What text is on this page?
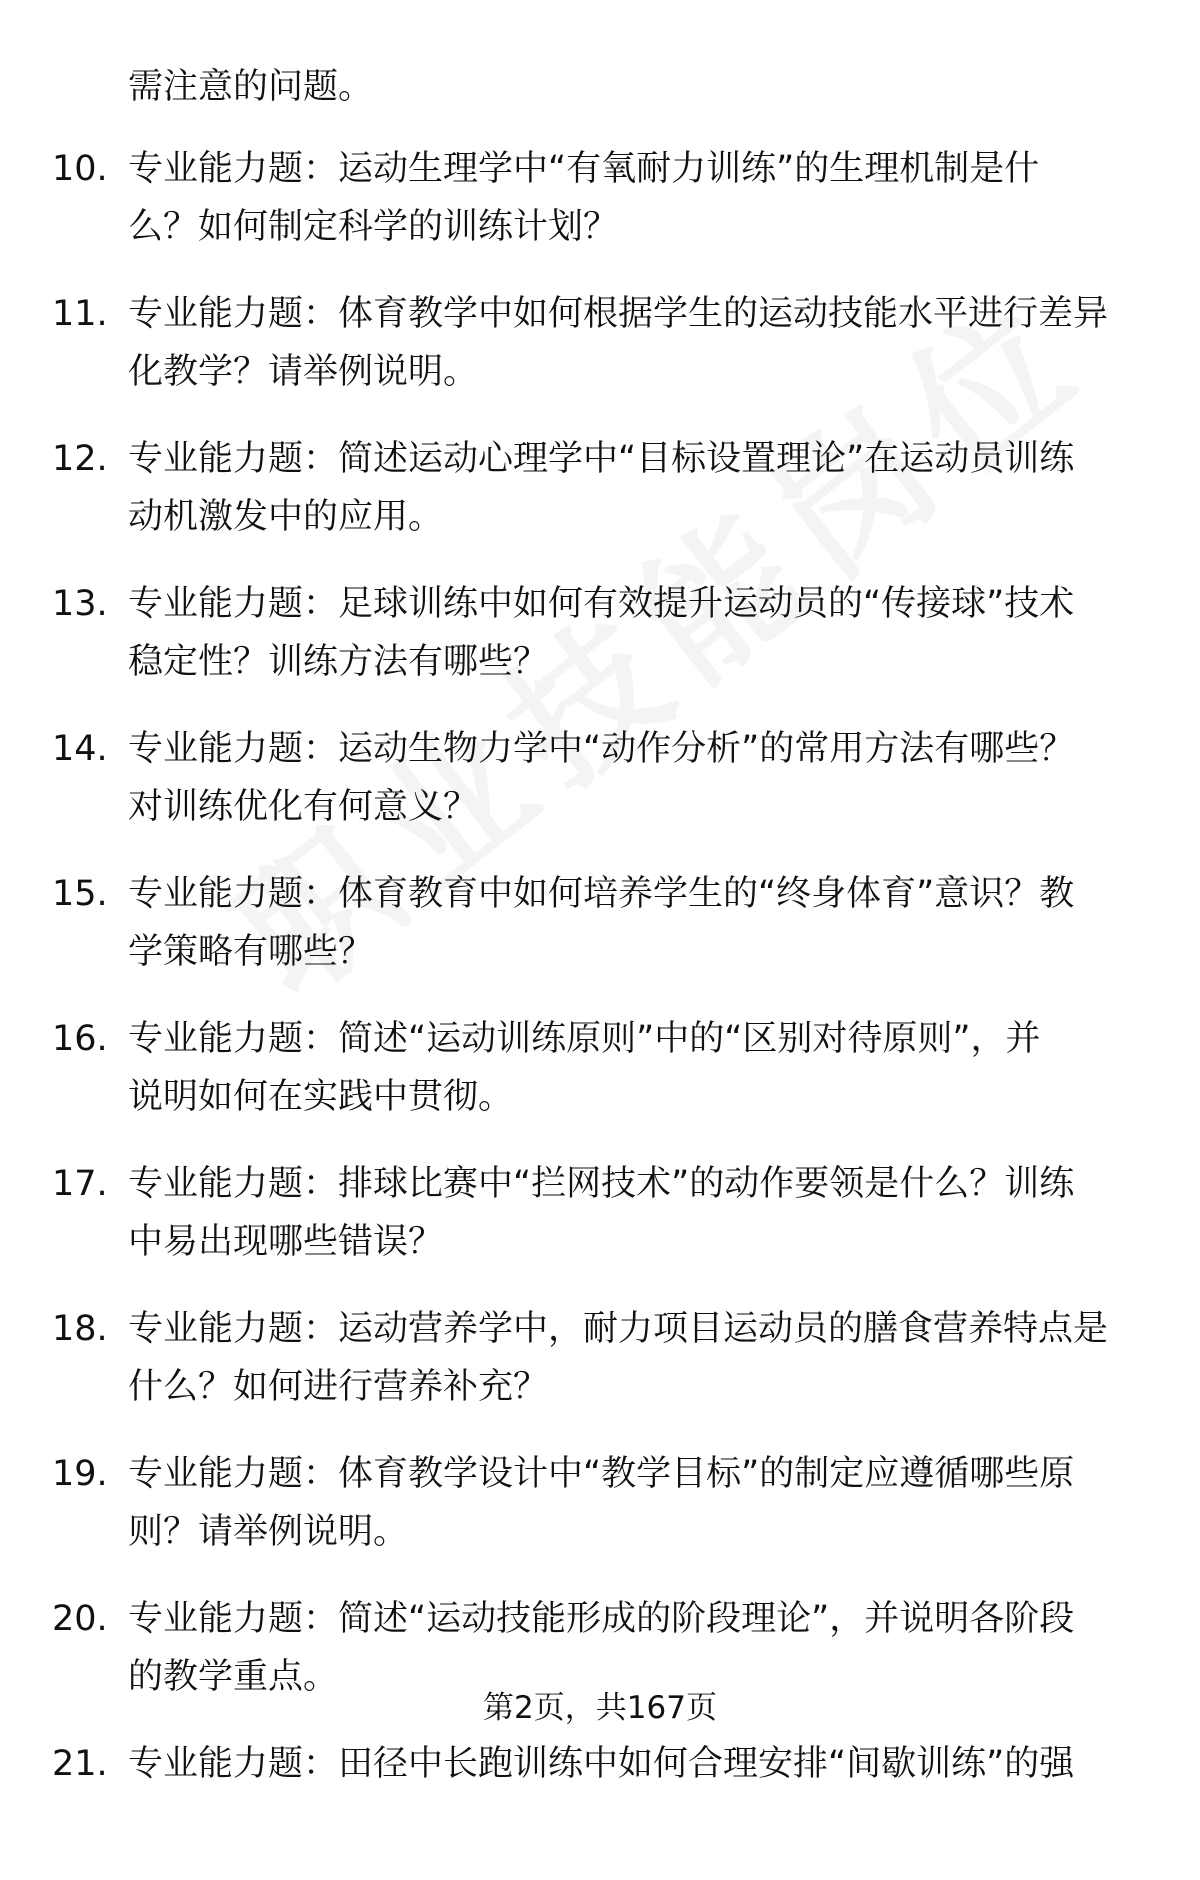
需注意的问题。
10. 专业能力题：运动生理学中“有氧耐力训练”的生理机制是什
么？如何制定科学的训练计划？
11. 专业能力题：体育教学中如何根据学生的运动技能水平进行差异
化教学？请举例说明。
12. 专业能力题：简述运动心理学中“目标设置理论”在运动员训练
动机激发中的应用。
13. 专业能力题：足球训练中如何有效提升运动员的“传接球”技术
稳定性？训练方法有哪些？
14. 专业能力题：运动生物力学中“动作分析”的常用方法有哪些？
对训练优化有何意义？
15. 专业能力题：体育教育中如何培养学生的“终身体育”意识？教
学策略有哪些？
16. 专业能力题：简述“运动训练原则”中的“区别对待原则”，并
说明如何在实践中贯彻。
17. 专业能力题：排球比赛中“拦网技术”的动作要领是什么？训练
中易出现哪些错误？
18. 专业能力题：运动营养学中，耐力项目运动员的膳食营养特点是
什么？如何进行营养补充？
19. 专业能力题：体育教学设计中“教学目标”的制定应遵循哪些原
则？请举例说明。
20. 专业能力题：简述“运动技能形成的阶段理论”，并说明各阶段
的教学重点。
21. 专业能力题：田径中长跑训练中如何合理安排“间歇训练”的强
第2页，共167页
